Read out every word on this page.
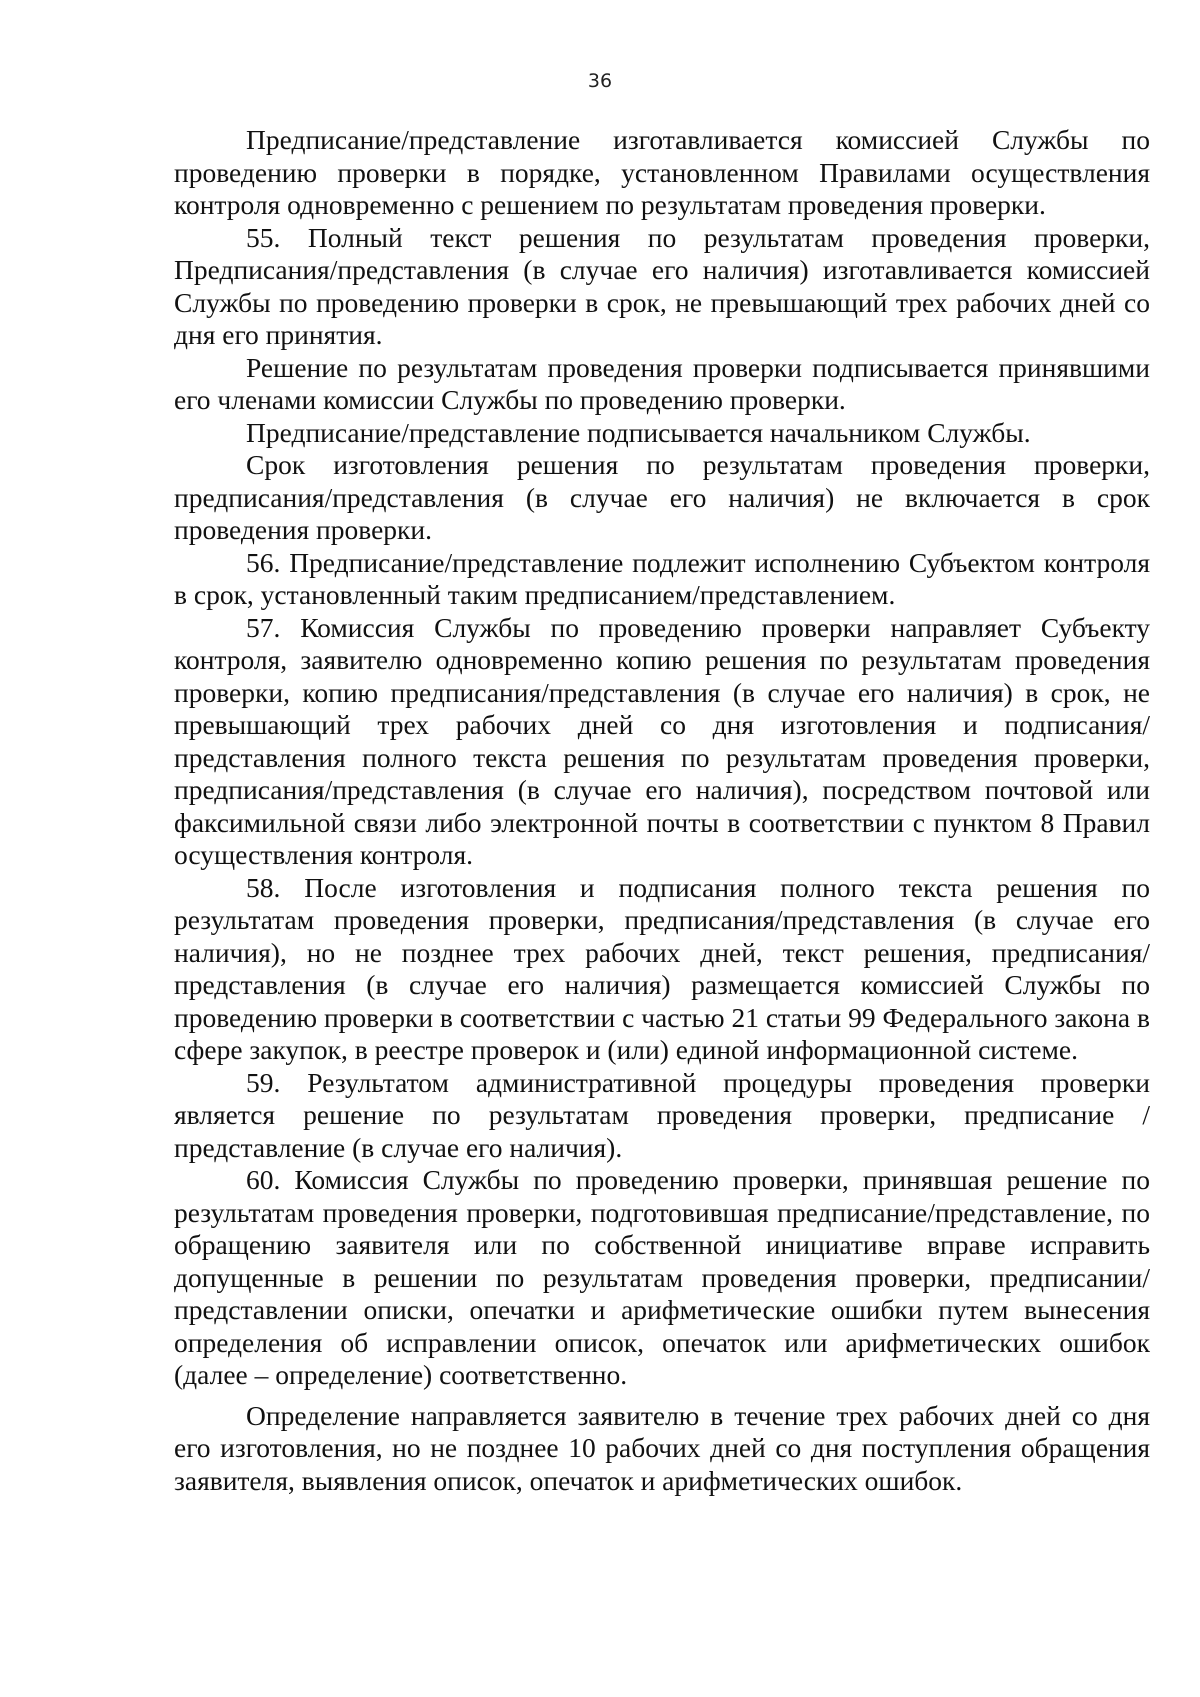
36

Предписание/представление изготавливается комиссией Службы по проведению проверки в порядке, установленном Правилами осуществления контроля одновременно с решением по результатам проведения проверки.

55. Полный текст решения по результатам проведения проверки, Предписания/представления (в случае его наличия) изготавливается комиссией Службы по проведению проверки в срок, не превышающий трех рабочих дней со дня его принятия.

Решение по результатам проведения проверки подписывается принявшими его членами комиссии Службы по проведению проверки.

Предписание/представление подписывается начальником Службы.

Срок изготовления решения по результатам проведения проверки, предписания/представления (в случае его наличия) не включается в срок проведения проверки.

56. Предписание/представление подлежит исполнению Субъектом контроля в срок, установленный таким предписанием/представлением.

57. Комиссия Службы по проведению проверки направляет Субъекту контроля, заявителю одновременно копию решения по результатам проведения проверки, копию предписания/представления (в случае его наличия) в срок, не превышающий трех рабочих дней со дня изготовления и подписания/представления полного текста решения по результатам проведения проверки, предписания/представления (в случае его наличия), посредством почтовой или факсимильной связи либо электронной почты в соответствии с пунктом 8 Правил осуществления контроля.

58. После изготовления и подписания полного текста решения по результатам проведения проверки, предписания/представления (в случае его наличия), но не позднее трех рабочих дней, текст решения, предписания/представления (в случае его наличия) размещается комиссией Службы по проведению проверки в соответствии с частью 21 статьи 99 Федерального закона в сфере закупок, в реестре проверок и (или) единой информационной системе.

59. Результатом административной процедуры проведения проверки является решение по результатам проведения проверки, предписание /представление (в случае его наличия).

60. Комиссия Службы по проведению проверки, принявшая решение по результатам проведения проверки, подготовившая предписание/представление, по обращению заявителя или по собственной инициативе вправе исправить допущенные в решении по результатам проведения проверки, предписании/представлении описки, опечатки и арифметические ошибки путем вынесения определения об исправлении описок, опечаток или арифметических ошибок (далее – определение) соответственно.

Определение направляется заявителю в течение трех рабочих дней со дня его изготовления, но не позднее 10 рабочих дней со дня поступления обращения заявителя, выявления описок, опечаток и арифметических ошибок.
